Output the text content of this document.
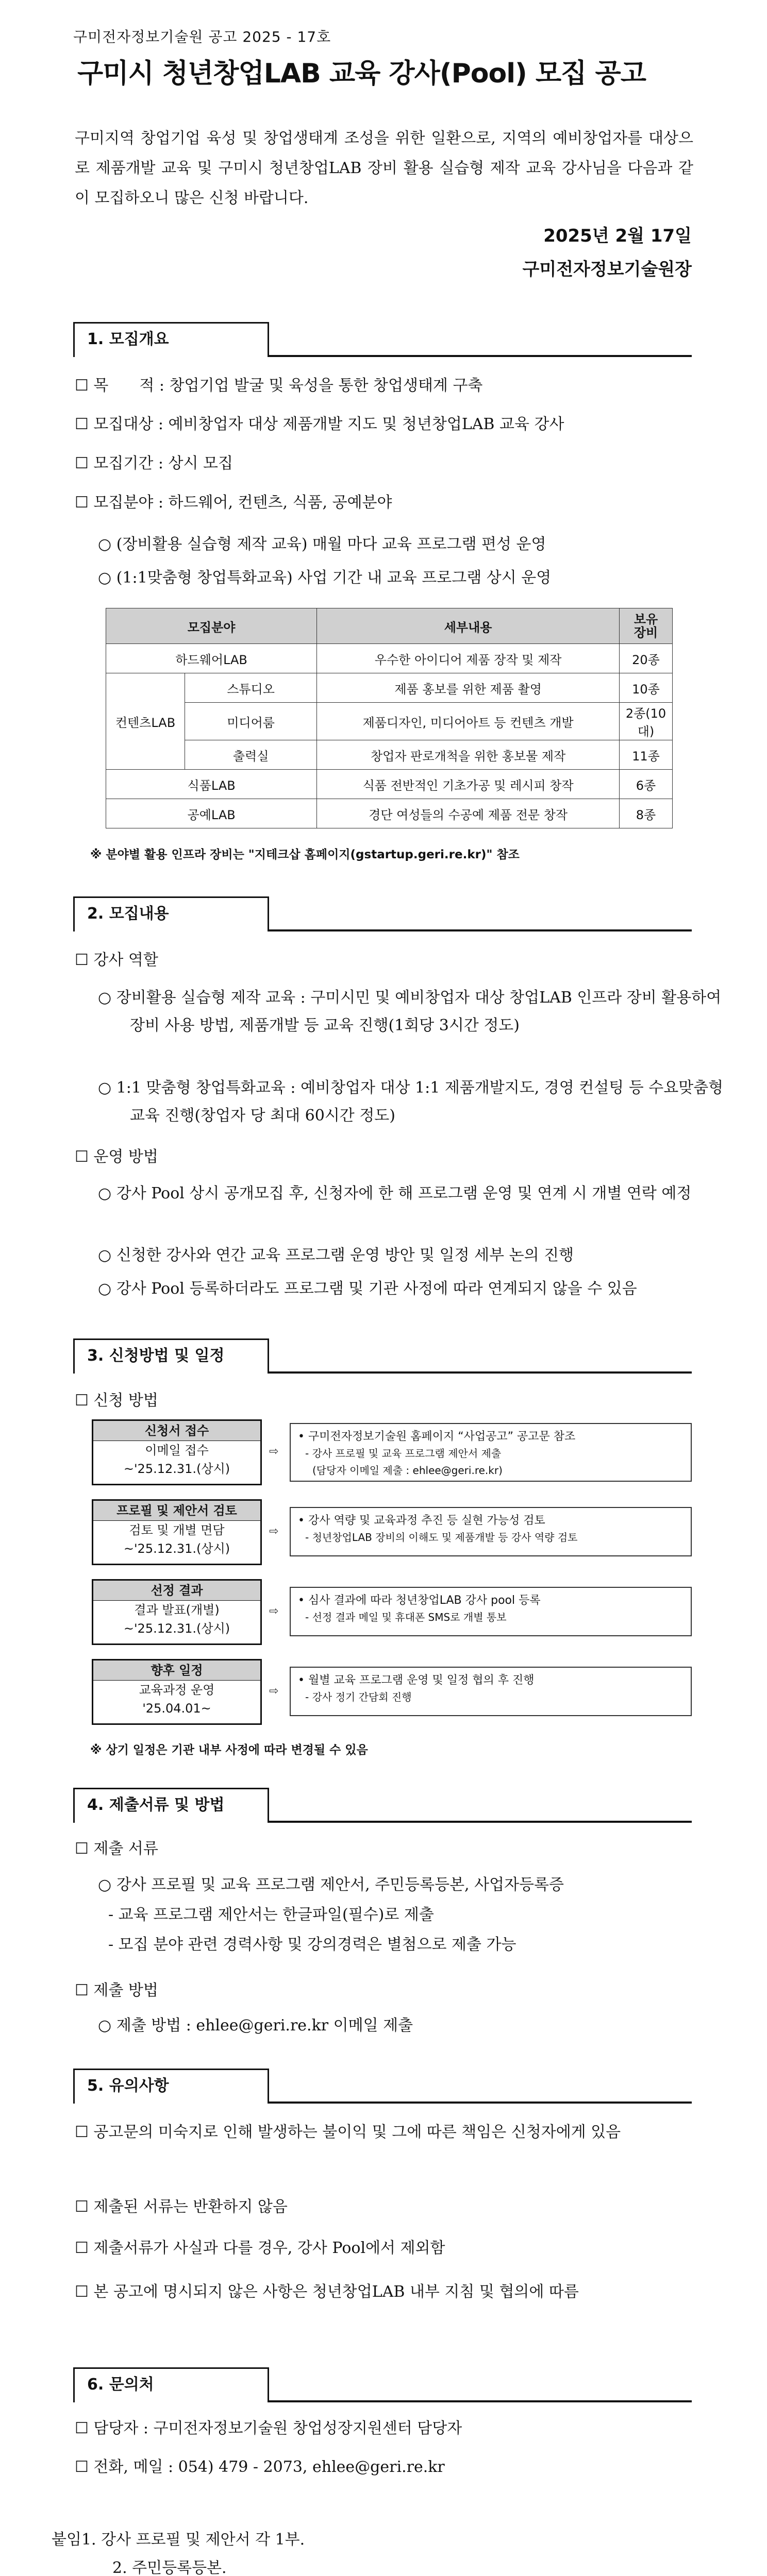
구미전자정보기술원 공고 2025 - 17호
구미시 청년창업LAB 교육 강사(Pool) 모집 공고
구미지역 창업기업 육성 및 창업생태계 조성을 위한 일환으로, 지역의 예비창업자를 대상으로 제품개발 교육 및 구미시 청년창업LAB 장비 활용 실습형 제작 교육 강사님을 다음과 같이 모집하오니 많은 신청 바랍니다.
2025년 2월 17일
구미전자정보기술원장
1. 모집개요
☐ 목　　적 : 창업기업 발굴 및 육성을 통한 창업생태계 구축
☐ 모집대상 : 예비창업자 대상 제품개발 지도 및 청년창업LAB 교육 강사
☐ 모집기간 : 상시 모집
☐ 모집분야 : 하드웨어, 컨텐츠, 식품, 공예분야
○ (장비활용 실습형 제작 교육) 매월 마다 교육 프로그램 편성 운영
○ (1:1맞춤형 창업특화교육) 사업 기간 내 교육 프로그램 상시 운영
모집분야		세부내용	보유
장비
하드웨어LAB		우수한 아이디어 제품 장작 및 제작	20종
컨텐츠LAB	스튜디오	제품 홍보를 위한 제품 촬영	10종
	미디어룸	제품디자인, 미디어아트 등 컨텐츠 개발	2종(10대)
	출력실	창업자 판로개척을 위한 홍보물 제작	11종
식품LAB		식품 전반적인 기초가공 및 레시피 창작	6종
공예LAB		경단 여성들의 수공예 제품 전문 창작	8종
※ 분야별 활용 인프라 장비는 "지테크삽 홈페이지(gstartup.geri.re.kr)" 참조
2. 모집내용
☐ 강사 역할
○ 장비활용 실습형 제작 교육 : 구미시민 및 예비창업자 대상 창업LAB 인프라 장비 활용하여 장비 사용 방법, 제품개발 등 교육 진행(1회당 3시간 정도)
○ 1:1 맞춤형 창업특화교육 : 예비창업자 대상 1:1 제품개발지도, 경영 컨설팅 등 수요맞춤형 교육 진행(창업자 당 최대 60시간 정도)
☐ 운영 방법
○ 강사 Pool 상시 공개모집 후, 신청자에 한 해 프로그램 운영 및 연계 시 개별 연락 예정
○ 신청한 강사와 연간 교육 프로그램 운영 방안 및 일정 세부 논의 진행
○ 강사 Pool 등록하더라도 프로그램 및 기관 사정에 따라 연계되지 않을 수 있음
3. 신청방법 및 일정
☐ 신청 방법
신청서 접수
이메일 접수
~'25.12.31.(상시)
⇨
• 구미전자정보기술원 홈페이지 “사업공고” 공고문 참조
- 강사 프로필 및 교육 프로그램 제안서 제출
(담당자 이메일 제출 : ehlee@geri.re.kr)
프로필 및 제안서 검토
검토 및 개별 면담
~'25.12.31.(상시)
⇨
• 강사 역량 및 교육과정 추진 등 실현 가능성 검토
- 청년창업LAB 장비의 이해도 및 제품개발 등 강사 역량 검토
선정 결과
결과 발표(개별)
~'25.12.31.(상시)
⇨
• 심사 결과에 따라 청년창업LAB 강사 pool 등록
- 선정 결과 메일 및 휴대폰 SMS로 개별 통보
향후 일정
교육과정 운영
'25.04.01~
⇨
• 월별 교육 프로그램 운영 및 일정 협의 후 진행
- 강사 정기 간담회 진행
※ 상기 일정은 기관 내부 사정에 따라 변경될 수 있음
4. 제출서류 및 방법
☐ 제출 서류
○ 강사 프로필 및 교육 프로그램 제안서, 주민등록등본, 사업자등록증
- 교육 프로그램 제안서는 한글파일(필수)로 제출
- 모집 분야 관련 경력사항 및 강의경력은 별첨으로 제출 가능
☐ 제출 방법
○ 제출 방법 : ehlee@geri.re.kr 이메일 제출
5. 유의사항
☐ 공고문의 미숙지로 인해 발생하는 불이익 및 그에 따른 책임은 신청자에게 있음
☐ 제출된 서류는 반환하지 않음
☐ 제출서류가 사실과 다를 경우, 강사 Pool에서 제외함
☐ 본 공고에 명시되지 않은 사항은 청년창업LAB 내부 지침 및 협의에 따름
6. 문의처
☐ 담당자 : 구미전자정보기술원 창업성장지원센터 담당자
☐ 전화, 메일 : 054) 479 - 2073, ehlee@geri.re.kr
붙임1. 강사 프로필 및 제안서 각 1부.
2. 주민등록등본.
